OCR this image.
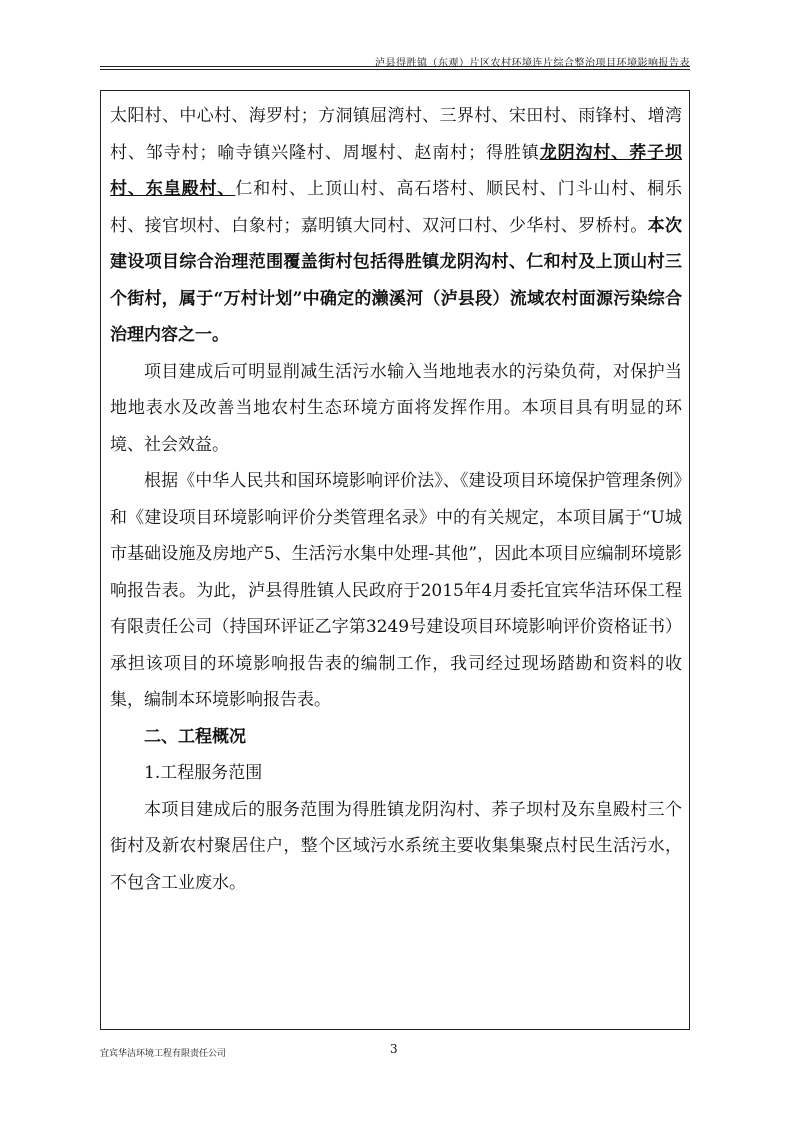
泸县得胜镇（东观）片区农村环境连片综合整治项目环境影响报告表

太阳村、中心村、海罗村；方洞镇屈湾村、三界村、宋田村、雨锋村、增湾村、邹寺村；喻寺镇兴隆村、周堰村、赵南村；得胜镇龙阴沟村、荞子坝村、东皇殿村、仁和村、上顶山村、高石塔村、顺民村、门斗山村、桐乐村、接官坝村、白象村；嘉明镇大同村、双河口村、少华村、罗桥村。本次建设项目综合治理范围覆盖街村包括得胜镇龙阴沟村、仁和村及上顶山村三个街村，属于“万村计划”中确定的濑溪河（泸县段）流域农村面源污染综合治理内容之一。

项目建成后可明显削减生活污水输入当地地表水的污染负荷，对保护当地地表水及改善当地农村生态环境方面将发挥作用。本项目具有明显的环境、社会效益。

根据《中华人民共和国环境影响评价法》、《建设项目环境保护管理条例》和《建设项目环境影响评价分类管理名录》中的有关规定，本项目属于“U城市基础设施及房地产5、生活污水集中处理-其他”，因此本项目应编制环境影响报告表。为此，泸县得胜镇人民政府于2015年4月委托宜宾华洁环保工程有限责任公司（持国环评证乙字第3249号建设项目环境影响评价资格证书）承担该项目的环境影响报告表的编制工作，我司经过现场踏勘和资料的收集，编制本环境影响报告表。

二、工程概况

1.工程服务范围

本项目建成后的服务范围为得胜镇龙阴沟村、荞子坝村及东皇殿村三个街村及新农村聚居住户，整个区域污水系统主要收集集聚点村民生活污水，不包含工业废水。

宜宾华洁环境工程有限责任公司	3
